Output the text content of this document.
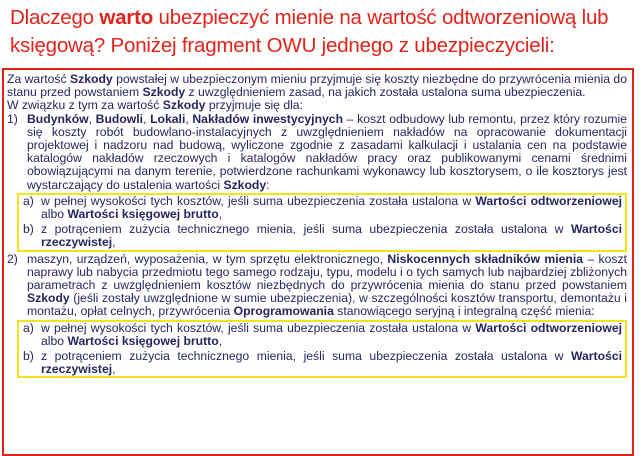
Dlaczego warto ubezpieczyć mienie na wartość odtworzeniową lub księgową? Poniżej fragment OWU jednego z ubezpieczycieli:

Za wartość Szkody powstałej w ubezpieczonym mieniu przyjmuje się koszty niezbędne do przywrócenia mienia do stanu przed powstaniem Szkody z uwzględnieniem zasad, na jakich została ustalona suma ubezpieczenia.

W związku z tym za wartość Szkody przyjmuje się dla:

1) Budynków, Budowli, Lokali, Nakładów inwestycyjnych – koszt odbudowy lub remontu, przez który rozumie się koszty robót budowlano-instalacyjnych z uwzględnieniem nakładów na opracowanie dokumentacji projektowej i nadzoru nad budową, wyliczone zgodnie z zasadami kalkulacji i ustalania cen na podstawie katalogów nakładów rzeczowych i katalogów nakładów pracy oraz publikowanymi cenami średnimi obowiązującymi na danym terenie, potwierdzone rachunkami wykonawcy lub kosztorysem, o ile kosztorys jest wystarczający do ustalenia wartości Szkody:
a) w pełnej wysokości tych kosztów, jeśli suma ubezpieczenia została ustalona w Wartości odtworzeniowej albo Wartości księgowej brutto,
b) z potrąceniem zużycia technicznego mienia, jeśli suma ubezpieczenia została ustalona w Wartości rzeczywistej,
2) maszyn, urządzeń, wyposażenia, w tym sprzętu elektronicznego, Niskocennych składników mienia – koszt naprawy lub nabycia przedmiotu tego samego rodzaju, typu, modelu i o tych samych lub najbardziej zbliżonych parametrach z uwzględnieniem kosztów niezbędnych do przywrócenia mienia do stanu przed powstaniem Szkody (jeśli zostały uwzględnione w sumie ubezpieczenia), w szczególności kosztów transportu, demontażu i montażu, opłat celnych, przywrócenia Oprogramowania stanowiącego seryjną i integralną część mienia:
a) w pełnej wysokości tych kosztów, jeśli suma ubezpieczenia została ustalona w Wartości odtworzeniowej albo Wartości księgowej brutto,
b) z potrąceniem zużycia technicznego mienia, jeśli suma ubezpieczenia została ustalona w Wartości rzeczywistej,
